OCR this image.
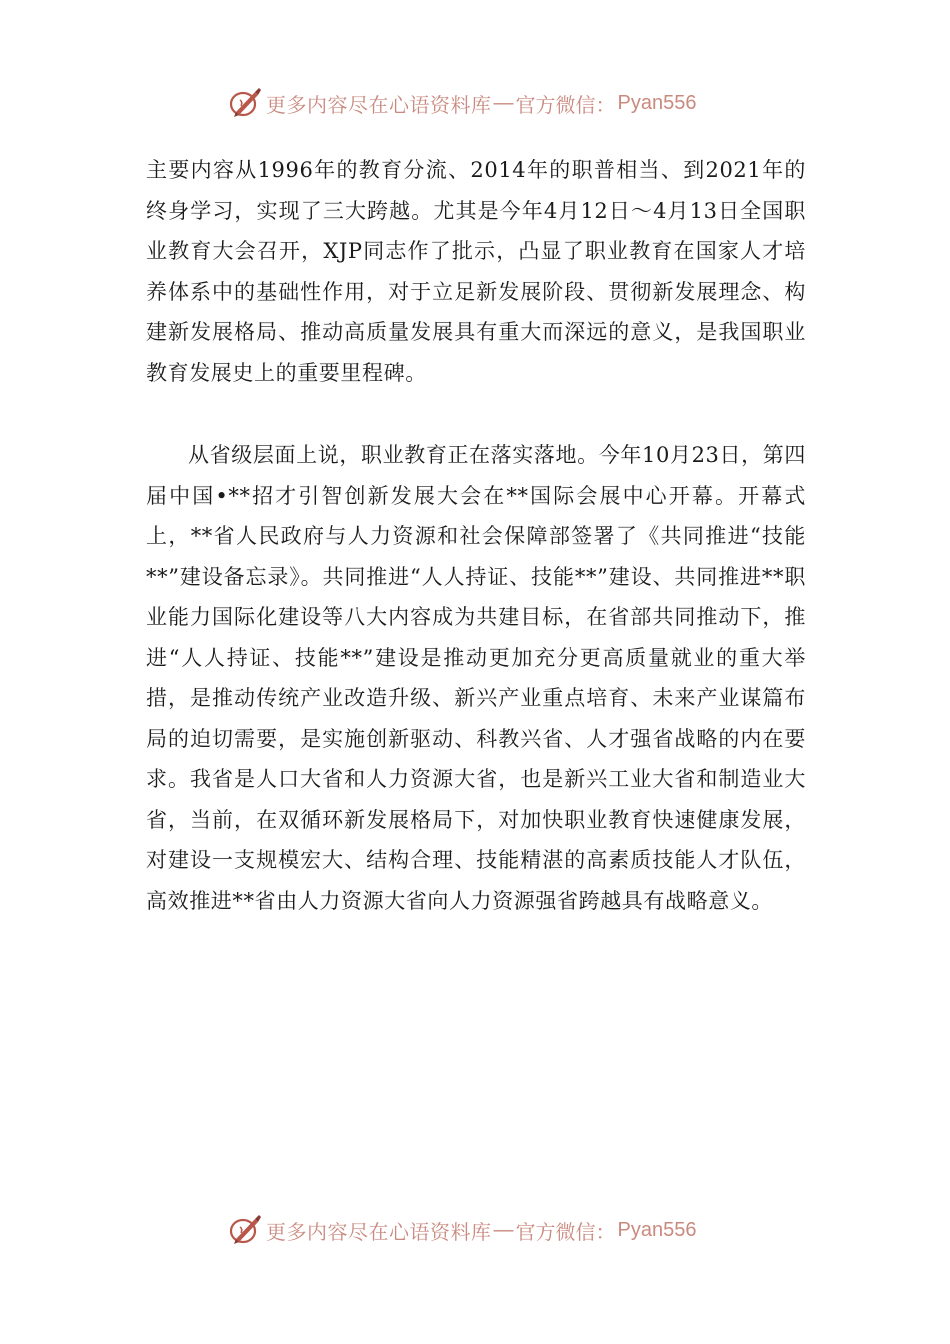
更多内容尽在心语资料库 — 官方微信： Pyan556

主要内容从1996年的教育分流、2014年的职普相当、到2021年的终身学习，实现了三大跨越。尤其是今年4月12日～4月13日全国职业教育大会召开，XJP同志作了批示，凸显了职业教育在国家人才培养体系中的基础性作用，对于立足新发展阶段、贯彻新发展理念、构建新发展格局、推动高质量发展具有重大而深远的意义，是我国职业教育发展史上的重要里程碑。

从省级层面上说，职业教育正在落实落地。今年10月23日，第四届中国•**招才引智创新发展大会在**国际会展中心开幕。开幕式上，**省人民政府与人力资源和社会保障部签署了《共同推进“技能**”建设备忘录》。共同推进“人人持证、技能**”建设、共同推进**职业能力国际化建设等八大内容成为共建目标，在省部共同推动下，推进“人人持证、技能**”建设是推动更加充分更高质量就业的重大举措，是推动传统产业改造升级、新兴产业重点培育、未来产业谋篇布局的迫切需要，是实施创新驱动、科教兴省、人才强省战略的内在要求。我省是人口大省和人力资源大省，也是新兴工业大省和制造业大省，当前，在双循环新发展格局下，对加快职业教育快速健康发展，对建设一支规模宏大、结构合理、技能精湛的高素质技能人才队伍，高效推进**省由人力资源大省向人力资源强省跨越具有战略意义。

更多内容尽在心语资料库 — 官方微信： Pyan556
